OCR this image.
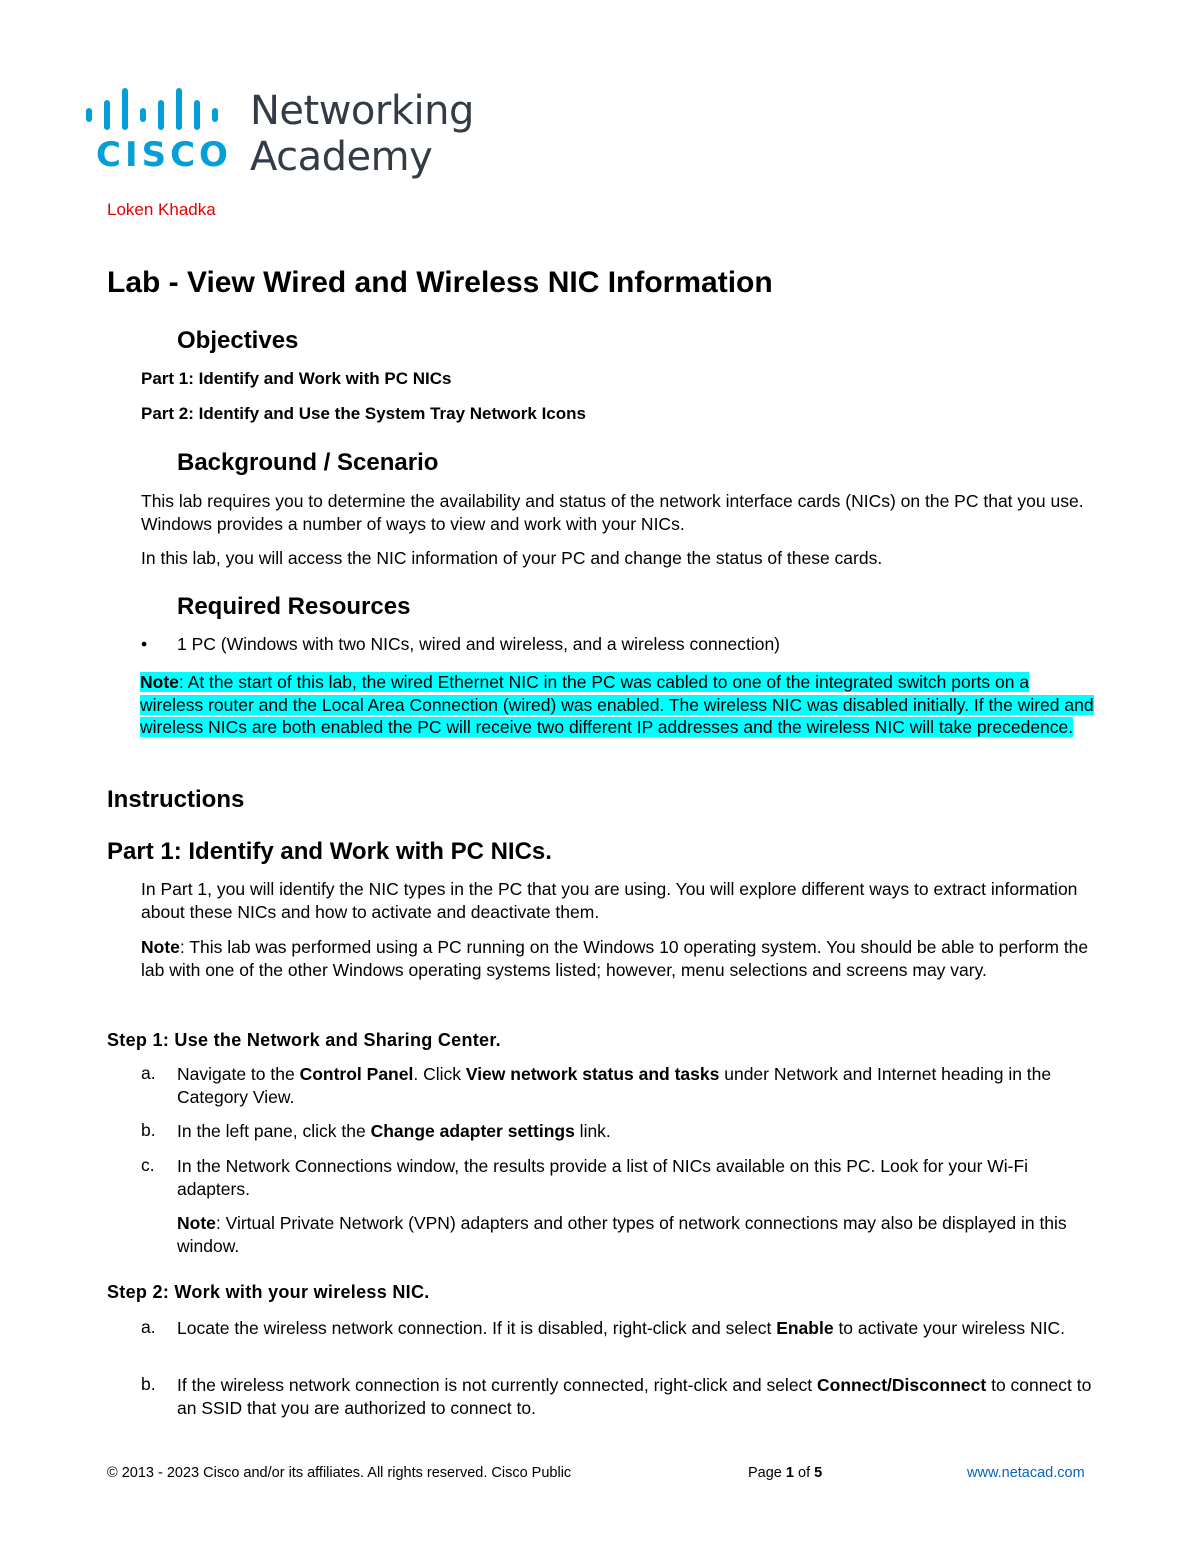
CISCO
Networking
Academy
Loken Khadka
Lab - View Wired and Wireless NIC Information
Objectives
Part 1: Identify and Work with PC NICs
Part 2: Identify and Use the System Tray Network Icons
Background / Scenario
This lab requires you to determine the availability and status of the network interface cards (NICs) on the PC that you use. Windows provides a number of ways to view and work with your NICs.
In this lab, you will access the NIC information of your PC and change the status of these cards.
Required Resources
• 1 PC (Windows with two NICs, wired and wireless, and a wireless connection)
Note: At the start of this lab, the wired Ethernet NIC in the PC was cabled to one of the integrated switch ports on a wireless router and the Local Area Connection (wired) was enabled. The wireless NIC was disabled initially. If the wired and wireless NICs are both enabled the PC will receive two different IP addresses and the wireless NIC will take precedence.
Instructions
Part 1: Identify and Work with PC NICs.
In Part 1, you will identify the NIC types in the PC that you are using. You will explore different ways to extract information about these NICs and how to activate and deactivate them.
Note: This lab was performed using a PC running on the Windows 10 operating system. You should be able to perform the lab with one of the other Windows operating systems listed; however, menu selections and screens may vary.
Step 1: Use the Network and Sharing Center.
a. Navigate to the Control Panel. Click View network status and tasks under Network and Internet heading in the Category View.
b. In the left pane, click the Change adapter settings link.
c. In the Network Connections window, the results provide a list of NICs available on this PC. Look for your Wi-Fi adapters.
Note: Virtual Private Network (VPN) adapters and other types of network connections may also be displayed in this window.
Step 2: Work with your wireless NIC.
a. Locate the wireless network connection. If it is disabled, right-click and select Enable to activate your wireless NIC.
b. If the wireless network connection is not currently connected, right-click and select Connect/Disconnect to connect to an SSID that you are authorized to connect to.
© 2013 - 2023 Cisco and/or its affiliates. All rights reserved. Cisco Public	Page 1 of 5	www.netacad.com
